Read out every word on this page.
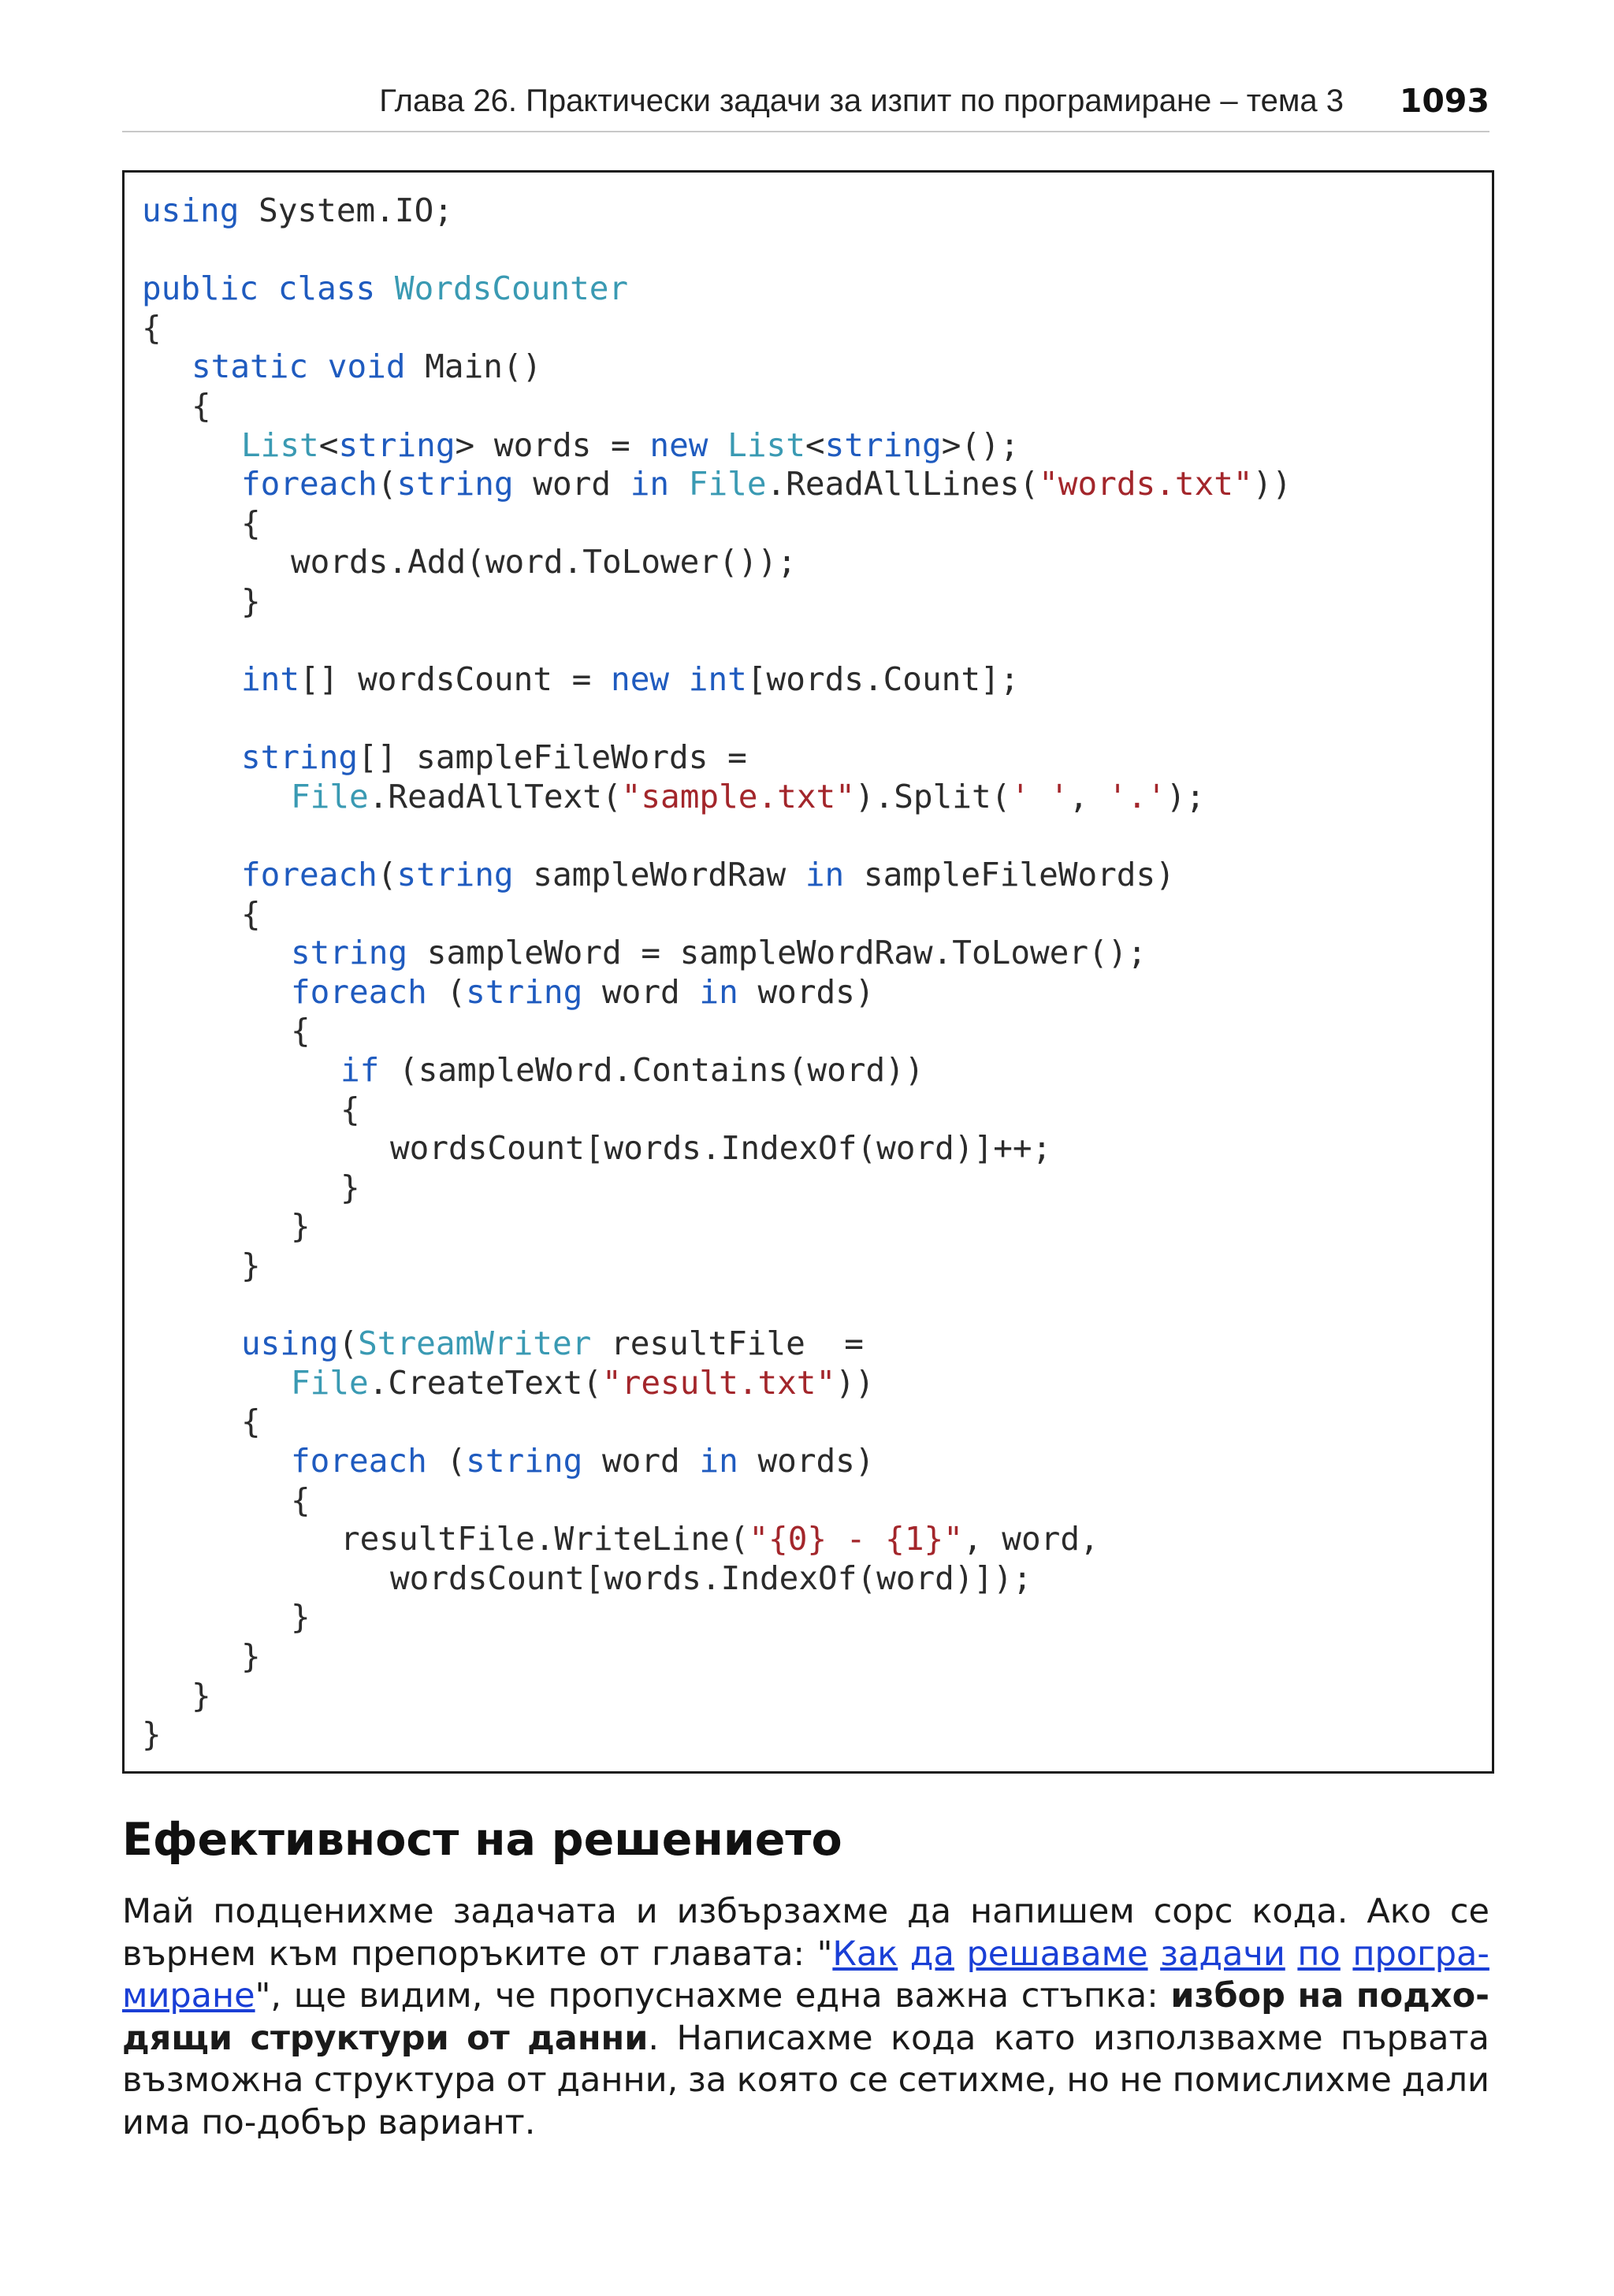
Глава 26. Практически задачи за изпит по програмиране – тема 3 1093
using System.IO;
public class WordsCounter
{
static void Main()
{
List<string> words = new List<string>();
foreach(string word in File.ReadAllLines("words.txt"))
{
words.Add(word.ToLower());
}
int[] wordsCount = new int[words.Count];
string[] sampleFileWords =
File.ReadAllText("sample.txt").Split(' ', '.');
foreach(string sampleWordRaw in sampleFileWords)
{
string sampleWord = sampleWordRaw.ToLower();
foreach (string word in words)
{
if (sampleWord.Contains(word))
{
wordsCount[words.IndexOf(word)]++;
}
}
}
using(StreamWriter resultFile  =
File.CreateText("result.txt"))
{
foreach (string word in words)
{
resultFile.WriteLine("{0} - {1}", word,
wordsCount[words.IndexOf(word)]);
}
}
}
}
Ефективност на решението
Май подценихме задачата и избързахме да напишем сорс кода. Ако се
върнем към препоръките от главата: "Как да решаваме задачи по програ-
миране", ще видим, че пропуснахме една важна стъпка: избор на подхо-
дящи структури от данни. Написахме кода като използвахме първата
възможна структура от данни, за която се сетихме, но не помислихме дали
има по-добър вариант.
